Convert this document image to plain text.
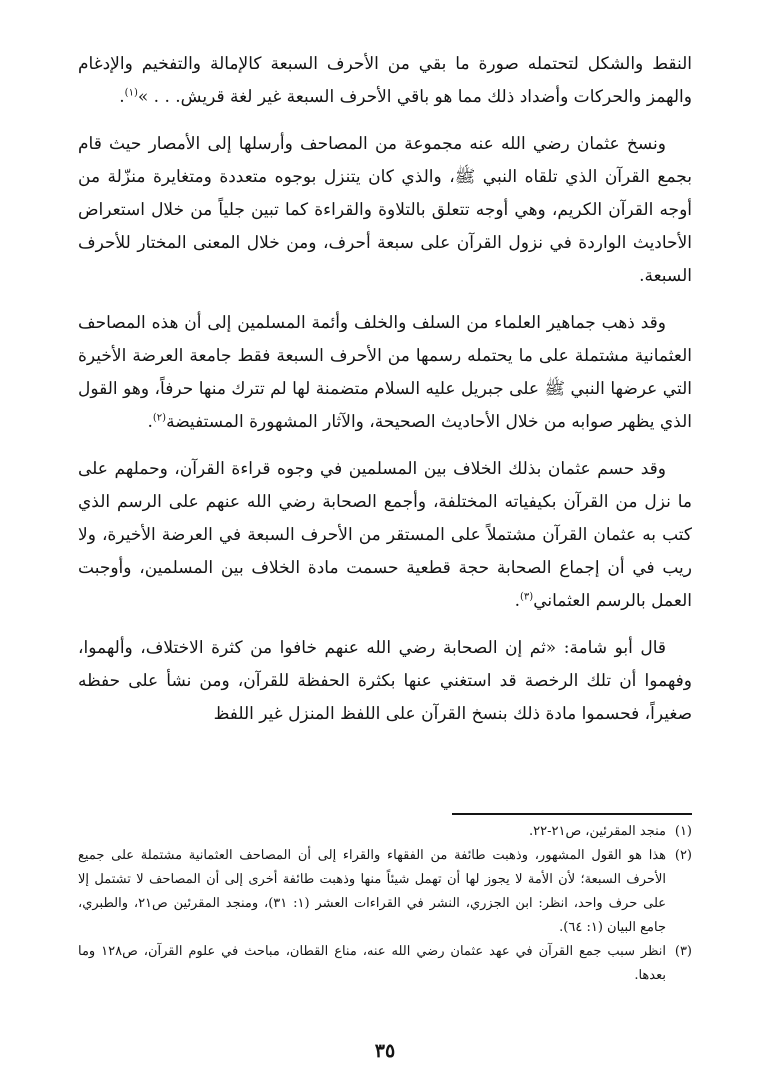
النقط والشكل لتحتمله صورة ما بقي من الأحرف السبعة كالإمالة والتفخيم والإدغام والهمز والحركات وأضداد ذلك مما هو باقي الأحرف السبعة غير لغة قريش. . . »$^{(١)}$.

ونسخ عثمان رضي الله عنه مجموعة من المصاحف وأرسلها إلى الأمصار حيث قام بجمع القرآن الذي تلقاه النبي ﷺ، والذي كان يتنزل بوجوه متعددة ومتغايرة منزّلة من أوجه القرآن الكريم، وهي أوجه تتعلق بالتلاوة والقراءة كما تبين جلياً من خلال استعراض الأحاديث الواردة في نزول القرآن على سبعة أحرف، ومن خلال المعنى المختار للأحرف السبعة.

وقد ذهب جماهير العلماء من السلف والخلف وأئمة المسلمين إلى أن هذه المصاحف العثمانية مشتملة على ما يحتمله رسمها من الأحرف السبعة فقط جامعة العرضة الأخيرة التي عرضها النبي ﷺ على جبريل عليه السلام متضمنة لها لم تترك منها حرفاً، وهو القول الذي يظهر صوابه من خلال الأحاديث الصحيحة، والآثار المشهورة المستفيضة$^{(٢)}$.

وقد حسم عثمان بذلك الخلاف بين المسلمين في وجوه قراءة القرآن، وحملهم على ما نزل من القرآن بكيفياته المختلفة، وأجمع الصحابة رضي الله عنهم على الرسم الذي كتب به عثمان القرآن مشتملاً على المستقر من الأحرف السبعة في العرضة الأخيرة، ولا ريب في أن إجماع الصحابة حجة قطعية حسمت مادة الخلاف بين المسلمين، وأوجبت العمل بالرسم العثماني$^{(٣)}$.

قال أبو شامة: «ثم إن الصحابة رضي الله عنهم خافوا من كثرة الاختلاف، وألهموا، وفهموا أن تلك الرخصة قد استغني عنها بكثرة الحفظة للقرآن، ومن نشأ على حفظه صغيراً، فحسموا مادة ذلك بنسخ القرآن على اللفظ المنزل غير اللفظ

(١)
منجد المقرئين، ص٢١-٢٢.
(٢)
هذا هو القول المشهور، وذهبت طائفة من الفقهاء والقراء إلى أن المصاحف العثمانية مشتملة على جميع الأحرف السبعة؛ لأن الأمة لا يجوز لها أن تهمل شيئاً منها وذهبت طائفة أخرى إلى أن المصاحف لا تشتمل إلا على حرف واحد، انظر: ابن الجزري، النشر في القراءات العشر (١: ٣١)، ومنجد المقرئين ص٢١، والطبري، جامع البيان (١: ٦٤).
(٣)
انظر سبب جمع القرآن في عهد عثمان رضي الله عنه، مناع القطان، مباحث في علوم القرآن، ص١٢٨ وما بعدها.
٣٥
